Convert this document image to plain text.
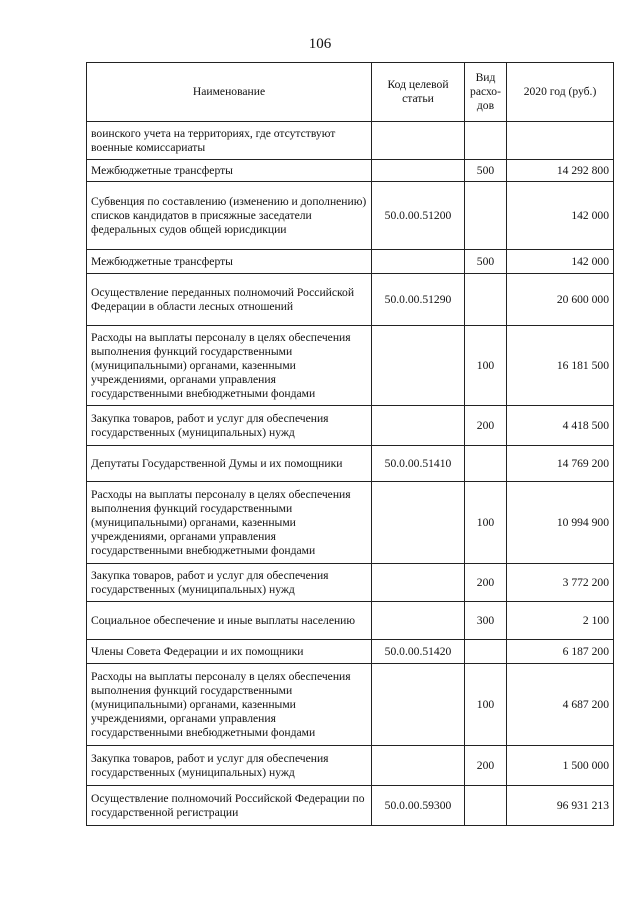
106
Наименование	Код целевой статьи	Вид расхо-дов	2020 год (руб.)
воинского учета на территориях, где отсутствуют военные комиссариаты			
Межбюджетные трансферты		500	14 292 800
Субвенция по составлению (изменению и дополнению) списков кандидатов в присяжные заседатели федеральных судов общей юрисдикции	50.0.00.51200		142 000
Межбюджетные трансферты		500	142 000
Осуществление переданных полномочий Российской Федерации в области лесных отношений	50.0.00.51290		20 600 000
Расходы на выплаты персоналу в целях обеспечения выполнения функций государственными (муниципальными) органами, казенными учреждениями, органами управления государственными внебюджетными фондами		100	16 181 500
Закупка товаров, работ и услуг для обеспечения государственных (муниципальных) нужд		200	4 418 500
Депутаты Государственной Думы и их помощники	50.0.00.51410		14 769 200
Расходы на выплаты персоналу в целях обеспечения выполнения функций государственными (муниципальными) органами, казенными учреждениями, органами управления государственными внебюджетными фондами		100	10 994 900
Закупка товаров, работ и услуг для обеспечения государственных (муниципальных) нужд		200	3 772 200
Социальное обеспечение и иные выплаты населению		300	2 100
Члены Совета Федерации и их помощники	50.0.00.51420		6 187 200
Расходы на выплаты персоналу в целях обеспечения выполнения функций государственными (муниципальными) органами, казенными учреждениями, органами управления государственными внебюджетными фондами		100	4 687 200
Закупка товаров, работ и услуг для обеспечения государственных (муниципальных) нужд		200	1 500 000
Осуществление полномочий Российской Федерации по государственной регистрации	50.0.00.59300		96 931 213
